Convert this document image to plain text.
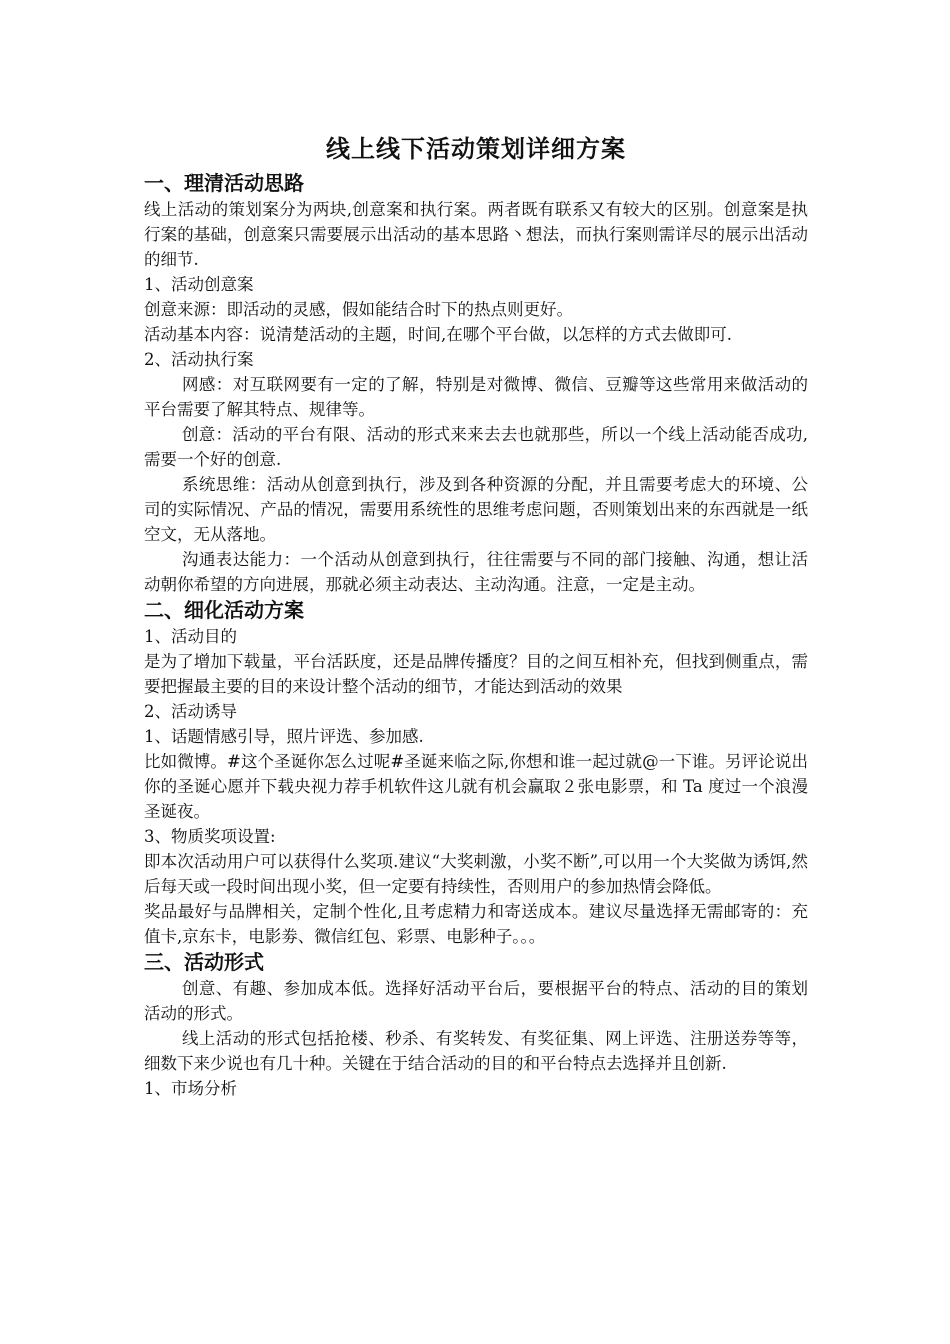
线上线下活动策划详细方案
一、理清活动思路

线上活动的策划案分为两块,创意案和执行案。两者既有联系又有较大的区别。创意案是执行案的基础，创意案只需要展示出活动的基本思路丶想法，而执行案则需详尽的展示出活动的细节.

1、活动创意案

创意来源：即活动的灵感，假如能结合时下的热点则更好。

活动基本内容：说清楚活动的主题，时间,在哪个平台做，以怎样的方式去做即可.

2、活动执行案

网感：对互联网要有一定的了解，特别是对微博、微信、豆瓣等这些常用来做活动的平台需要了解其特点、规律等。

创意：活动的平台有限、活动的形式来来去去也就那些，所以一个线上活动能否成功,需要一个好的创意.

系统思维：活动从创意到执行，涉及到各种资源的分配，并且需要考虑大的环境、公司的实际情况、产品的情况，需要用系统性的思维考虑问题，否则策划出来的东西就是一纸空文，无从落地。

沟通表达能力：一个活动从创意到执行，往往需要与不同的部门接触、沟通，想让活动朝你希望的方向进展，那就必须主动表达、主动沟通。注意，一定是主动。

二、细化活动方案

1、活动目的

是为了增加下载量，平台活跃度，还是品牌传播度？目的之间互相补充，但找到侧重点，需要把握最主要的目的来设计整个活动的细节，才能达到活动的效果

2、活动诱导

1、话题情感引导，照片评选、参加感.

比如微博。#这个圣诞你怎么过呢#圣诞来临之际,你想和谁一起过就@一下谁。另评论说出你的圣诞心愿并下载央视力荐手机软件这儿就有机会赢取２张电影票，和 Ta 度过一个浪漫圣诞夜。

3、物质奖项设置:

即本次活动用户可以获得什么奖项.建议“大奖刺激，小奖不断”,可以用一个大奖做为诱饵,然后每天或一段时间出现小奖，但一定要有持续性，否则用户的参加热情会降低。

奖品最好与品牌相关，定制个性化,且考虑精力和寄送成本。建议尽量选择无需邮寄的：充值卡,京东卡，电影劵、微信红包、彩票、电影种子。。。

三、活动形式

创意、有趣、参加成本低。选择好活动平台后，要根据平台的特点、活动的目的策划活动的形式。

线上活动的形式包括抢楼、秒杀、有奖转发、有奖征集、网上评选、注册送券等等，细数下来少说也有几十种。关键在于结合活动的目的和平台特点去选择并且创新.

1、市场分析
